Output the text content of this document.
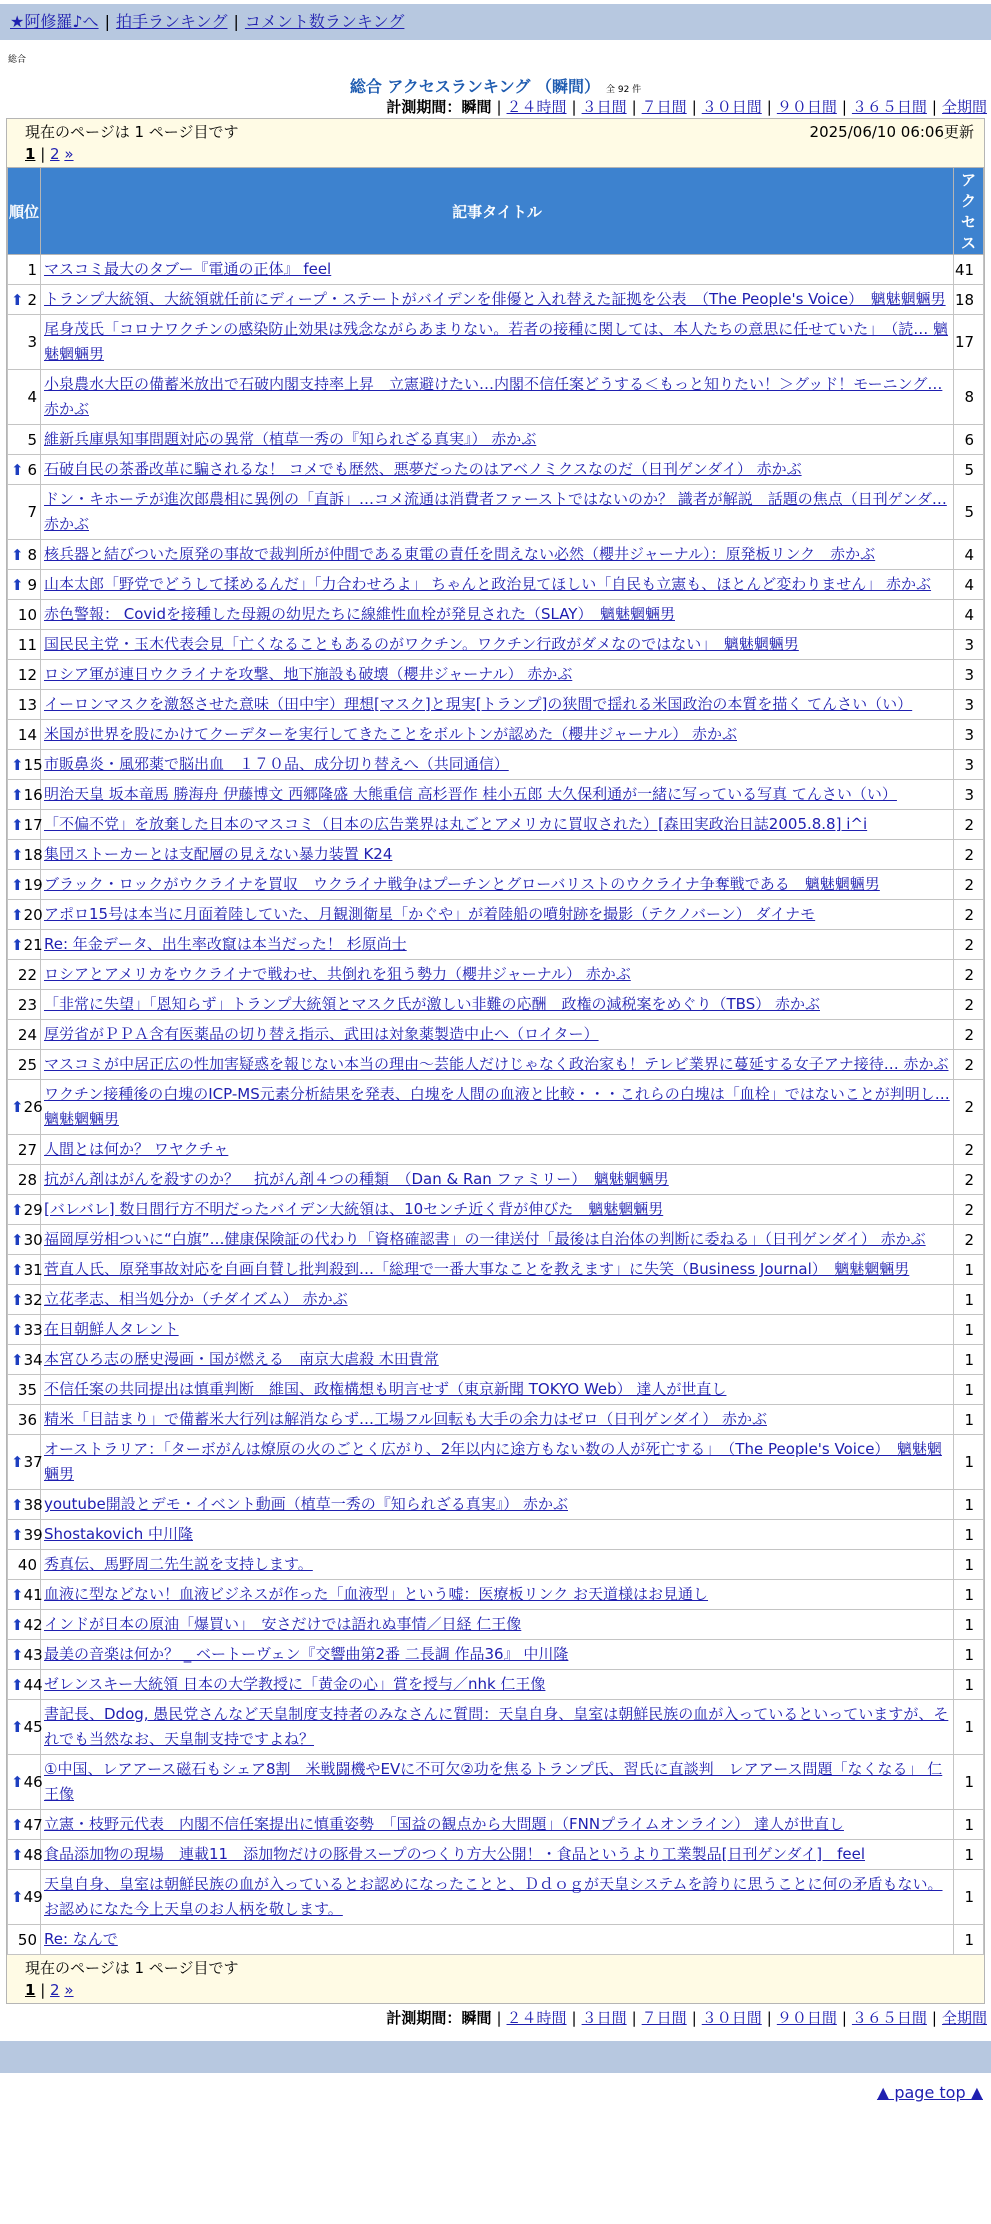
★阿修羅♪へ | 拍手ランキング | コメント数ランキング
総合
総合 アクセスランキング （瞬間） 全 92 件
計測期間：瞬間 | ２４時間 | ３日間 | ７日間 | ３０日間 | ９０日間 | ３６５日間 | 全期間
現在のページは 1 ページ目です	2025/06/10 06:06更新
1 | 2 »
順位	記事タイトル	アクセス
1	マスコミ最大のタブー『電通の正体』 feel	41

⬆ 2	トランプ大統領、大統領就任前にディープ・ステートがバイデンを俳優と入れ替えた証拠を公表　（The People's Voice）　魑魅魍魎男	18
3	尾身茂氏「コロナワクチンの感染防止効果は残念ながらあまりない。若者の接種に関しては、本人たちの意思に任せていた」　（読… 魑魅魍魎男	17
4	小泉農水大臣の備蓄米放出で石破内閣支持率上昇　立憲避けたい…内閣不信任案どうする＜もっと知りたい！＞グッド！モーニング… 赤かぶ	8
5	維新兵庫県知事問題対応の異常（植草一秀の『知られざる真実』） 赤かぶ	6

⬆ 6	石破自民の茶番改革に騙されるな！ コメでも歴然、悪夢だったのはアベノミクスなのだ（日刊ゲンダイ） 赤かぶ	5
7	ドン・キホーテが進次郎農相に異例の「直訴」…コメ流通は消費者ファーストではないのか？ 識者が解説　話題の焦点（日刊ゲンダ… 赤かぶ	5

⬆ 8	核兵器と結びついた原発の事故で裁判所が仲間である東電の責任を問えない必然（櫻井ジャーナル）：原発板リンク　赤かぶ	4

⬆ 9	山本太郎「野党でどうして揉めるんだ」「力合わせろよ」 ちゃんと政治見てほしい「自民も立憲も、ほとんど変わりません」 赤かぶ	4
10	赤色警報： Covidを接種した母親の幼児たちに線維性血栓が発見された（SLAY）　魑魅魍魎男	4
11	国民民主党・玉木代表会見「亡くなることもあるのがワクチン。ワクチン行政がダメなのではない」　魑魅魍魎男	3
12	ロシア軍が連日ウクライナを攻撃、地下施設も破壊（櫻井ジャーナル） 赤かぶ	3
13	イーロンマスクを激怒させた意味（田中宇）理想[マスク]と現実[トランプ]の狭間で揺れる米国政治の本質を描く てんさい（い）	3
14	米国が世界を股にかけてクーデターを実行してきたことをボルトンが認めた（櫻井ジャーナル） 赤かぶ	3

⬆ 15	市販鼻炎・風邪薬で脳出血　１７０品、成分切り替えへ（共同通信）	3

⬆ 16	明治天皇 坂本竜馬 勝海舟 伊藤博文 西郷隆盛 大熊重信 高杉晋作 桂小五郎 大久保利通が一緒に写っている写真 てんさい（い）	3

⬆ 17	「不偏不党」を放棄した日本のマスコミ（日本の広告業界は丸ごとアメリカに買収された）[森田実政治日誌2005.8.8] i^i	2

⬆ 18	集団ストーカーとは支配層の見えない暴力装置 K24	2

⬆ 19	ブラック・ロックがウクライナを買収　ウクライナ戦争はプーチンとグローバリストのウクライナ争奪戦である　魑魅魍魎男	2

⬆ 20	アポロ15号は本当に月面着陸していた、月観測衛星「かぐや」が着陸船の噴射跡を撮影（テクノバーン） ダイナモ	2

⬆ 21	Re: 年金データ、出生率改竄は本当だった！ 杉原尚士	2
22	ロシアとアメリカをウクライナで戦わせ、共倒れを狙う勢力（櫻井ジャーナル） 赤かぶ	2
23	「非常に失望」「恩知らず」トランプ大統領とマスク氏が激しい非難の応酬　政権の減税案をめぐり（TBS） 赤かぶ	2
24	厚労省がＰＰＡ含有医薬品の切り替え指示、武田は対象薬製造中止へ（ロイター）	2
25	マスコミが中居正広の性加害疑惑を報じない本当の理由～芸能人だけじゃなく政治家も！テレビ業界に蔓延する女子アナ接待… 赤かぶ	2

⬆ 26	ワクチン接種後の白塊のICP-MS元素分析結果を発表、白塊を人間の血液と比較・・・これらの白塊は「血栓」ではないことが判明し… 魑魅魍魎男	2
27	人間とは何か？ ワヤクチャ	2
28	抗がん剤はがんを殺すのか？　抗がん剤４つの種類　（Dan & Ran ファミリー）　魑魅魍魎男	2

⬆ 29	[バレバレ] 数日間行方不明だったバイデン大統領は、10センチ近く背が伸びた　魑魅魍魎男	2

⬆ 30	福岡厚労相ついに“白旗”…健康保険証の代わり「資格確認書」の一律送付「最後は自治体の判断に委ねる」（日刊ゲンダイ） 赤かぶ	2

⬆ 31	菅直人氏、原発事故対応を自画自賛し批判殺到…「総理で一番大事なことを教えます」に失笑（Business Journal）　魑魅魍魎男	1

⬆ 32	立花孝志、相当処分か（チダイズム） 赤かぶ	1

⬆ 33	在日朝鮮人タレント	1

⬆ 34	本宮ひろ志の歴史漫画・国が燃える　南京大虐殺 木田貴常	1
35	不信任案の共同提出は慎重判断　維国、政権構想も明言せず（東京新聞 TOKYO Web） 達人が世直し	1
36	精米「目詰まり」で備蓄米大行列は解消ならず…工場フル回転も大手の余力はゼロ（日刊ゲンダイ） 赤かぶ	1

⬆ 37	オーストラリア：「ターボがんは燎原の火のごとく広がり、2年以内に途方もない数の人が死亡する」　（The People's Voice）　魑魅魍魎男	1

⬆ 38	youtube開設とデモ・イベント動画（植草一秀の『知られざる真実』） 赤かぶ	1

⬆ 39	Shostakovich 中川隆	1
40	秀真伝、馬野周二先生説を支持します。	1

⬆ 41	血液に型などない！血液ビジネスが作った「血液型」という嘘：医療板リンク お天道様はお見通し	1

⬆ 42	インドが日本の原油「爆買い」　安さだけでは語れぬ事情／日経 仁王像	1

⬆ 43	最美の音楽は何か？ _ ベートーヴェン『交響曲第2番 二長調 作品36』 中川隆	1

⬆ 44	ゼレンスキー大統領 日本の大学教授に「黄金の心」賞を授与／nhk 仁王像	1

⬆ 45	書記長、Ddog, 愚民党さんなど天皇制度支持者のみなさんに質問：天皇自身、皇室は朝鮮民族の血が入っているといっていますが、それでも当然なお、天皇制支持ですよね？	1

⬆ 46	①中国、レアアース磁石もシェア8割　米戦闘機やEVに不可欠②功を焦るトランプ氏、習氏に直談判　レアアース問題「なくなる」 仁王像	1

⬆ 47	立憲・枝野元代表　内閣不信任案提出に慎重姿勢　「国益の観点から大問題」（FNNプライムオンライン） 達人が世直し	1

⬆ 48	食品添加物の現場　連載11　添加物だけの豚骨スープのつくり方大公開！・食品というより工業製品[日刊ゲンダイ]　feel	1

⬆ 49	天皇自身、皇室は朝鮮民族の血が入っているとお認めになったことと、Ｄｄｏｇが天皇システムを誇りに思うことに何の矛盾もない。お認めになた今上天皇のお人柄を敬します。	1
50	Re: なんで	1
現在のページは 1 ページ目です
1 | 2 »
計測期間：瞬間 | ２４時間 | ３日間 | ７日間 | ３０日間 | ９０日間 | ３６５日間 | 全期間
▲ page top ▲
